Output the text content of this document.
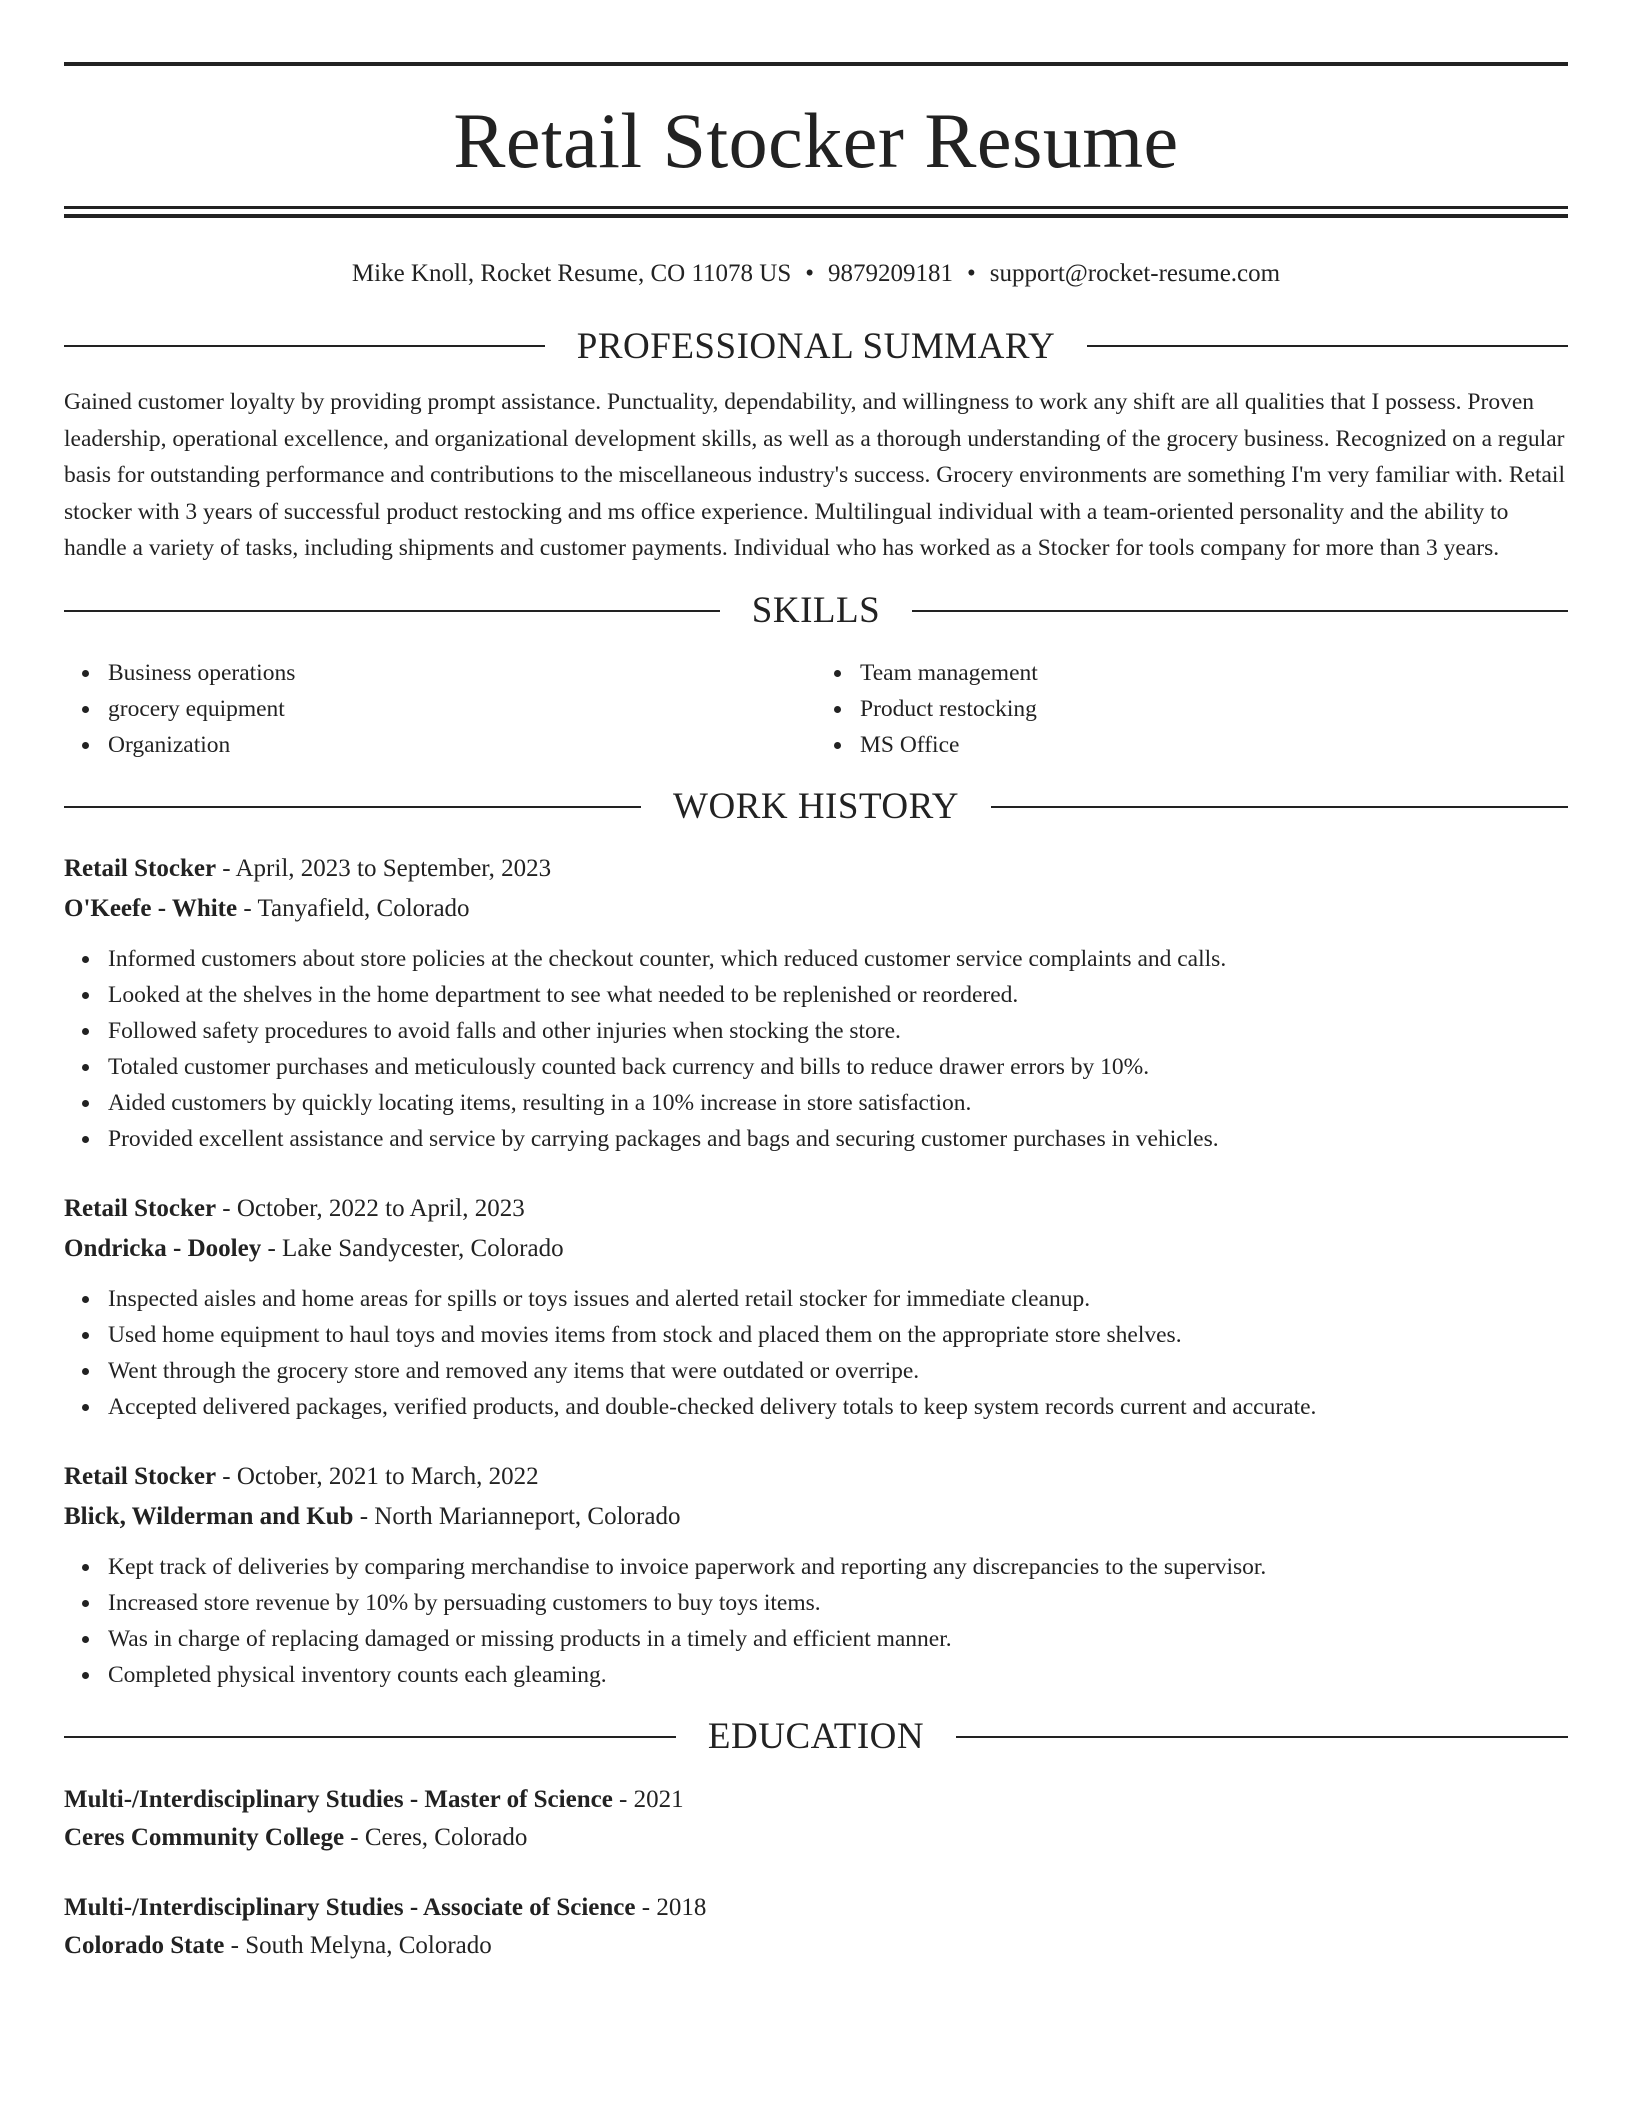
Retail Stocker Resume
Mike Knoll, Rocket Resume, CO 11078 US • 9879209181 • support@rocket-resume.com
PROFESSIONAL SUMMARY

Gained customer loyalty by providing prompt assistance. Punctuality, dependability, and willingness to work any shift are all qualities that I possess. Proven leadership, operational excellence, and organizational development skills, as well as a thorough understanding of the grocery business. Recognized on a regular basis for outstanding performance and contributions to the miscellaneous industry's success. Grocery environments are something I'm very familiar with. Retail stocker with 3 years of successful product restocking and ms office experience. Multilingual individual with a team-oriented personality and the ability to handle a variety of tasks, including shipments and customer payments. Individual who has worked as a Stocker for tools company for more than 3 years.

SKILLS
Business operations
grocery equipment
Organization
Team management
Product restocking
MS Office
WORK HISTORY
Retail Stocker - April, 2023 to September, 2023
O'Keefe - White - Tanyafield, Colorado
Informed customers about store policies at the checkout counter, which reduced customer service complaints and calls.
Looked at the shelves in the home department to see what needed to be replenished or reordered.
Followed safety procedures to avoid falls and other injuries when stocking the store.
Totaled customer purchases and meticulously counted back currency and bills to reduce drawer errors by 10%.
Aided customers by quickly locating items, resulting in a 10% increase in store satisfaction.
Provided excellent assistance and service by carrying packages and bags and securing customer purchases in vehicles.
Retail Stocker - October, 2022 to April, 2023
Ondricka - Dooley - Lake Sandycester, Colorado
Inspected aisles and home areas for spills or toys issues and alerted retail stocker for immediate cleanup.
Used home equipment to haul toys and movies items from stock and placed them on the appropriate store shelves.
Went through the grocery store and removed any items that were outdated or overripe.
Accepted delivered packages, verified products, and double-checked delivery totals to keep system records current and accurate.
Retail Stocker - October, 2021 to March, 2022
Blick, Wilderman and Kub - North Marianneport, Colorado
Kept track of deliveries by comparing merchandise to invoice paperwork and reporting any discrepancies to the supervisor.
Increased store revenue by 10% by persuading customers to buy toys items.
Was in charge of replacing damaged or missing products in a timely and efficient manner.
Completed physical inventory counts each gleaming.
EDUCATION
Multi-/Interdisciplinary Studies - Master of Science - 2021
Ceres Community College - Ceres, Colorado
Multi-/Interdisciplinary Studies - Associate of Science - 2018
Colorado State - South Melyna, Colorado
